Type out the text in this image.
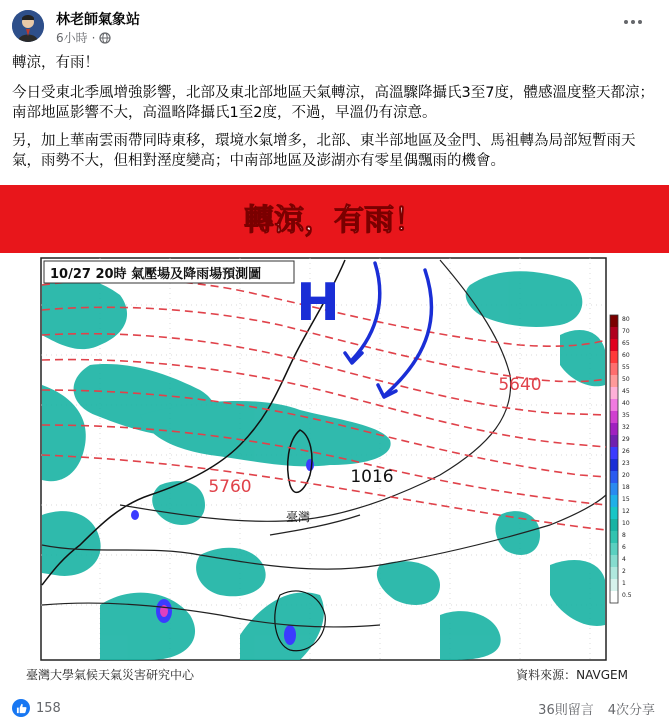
林老師氣象站
6小時 ·

轉涼，有雨！

今日受東北季風增強影響，北部及東北部地區天氣轉涼，高溫驟降攝氏3至7度，體感溫度整天都涼；南部地區影響不大，高溫略降攝氏1至2度，不過，早溫仍有涼意。

另，加上華南雲雨帶同時東移，環境水氣增多，北部、東半部地區及金門、馬祖轉為局部短暫雨天氣，雨勢不大，但相對溼度變高；中南部地區及澎湖亦有零星偶飄雨的機會。

轉涼，有雨！
10/27 20時 氣壓場及降雨場預測圖 H
5640
5760	1016
臺灣
80
70
65
60
55
50
45
40
35
32
29
26
23
20
18
15
12
10
8
6
4
2
1
0.5
臺灣大學氣候天氣災害研究中心	資料來源：NAVGEM
158	36則留言 4次分享
